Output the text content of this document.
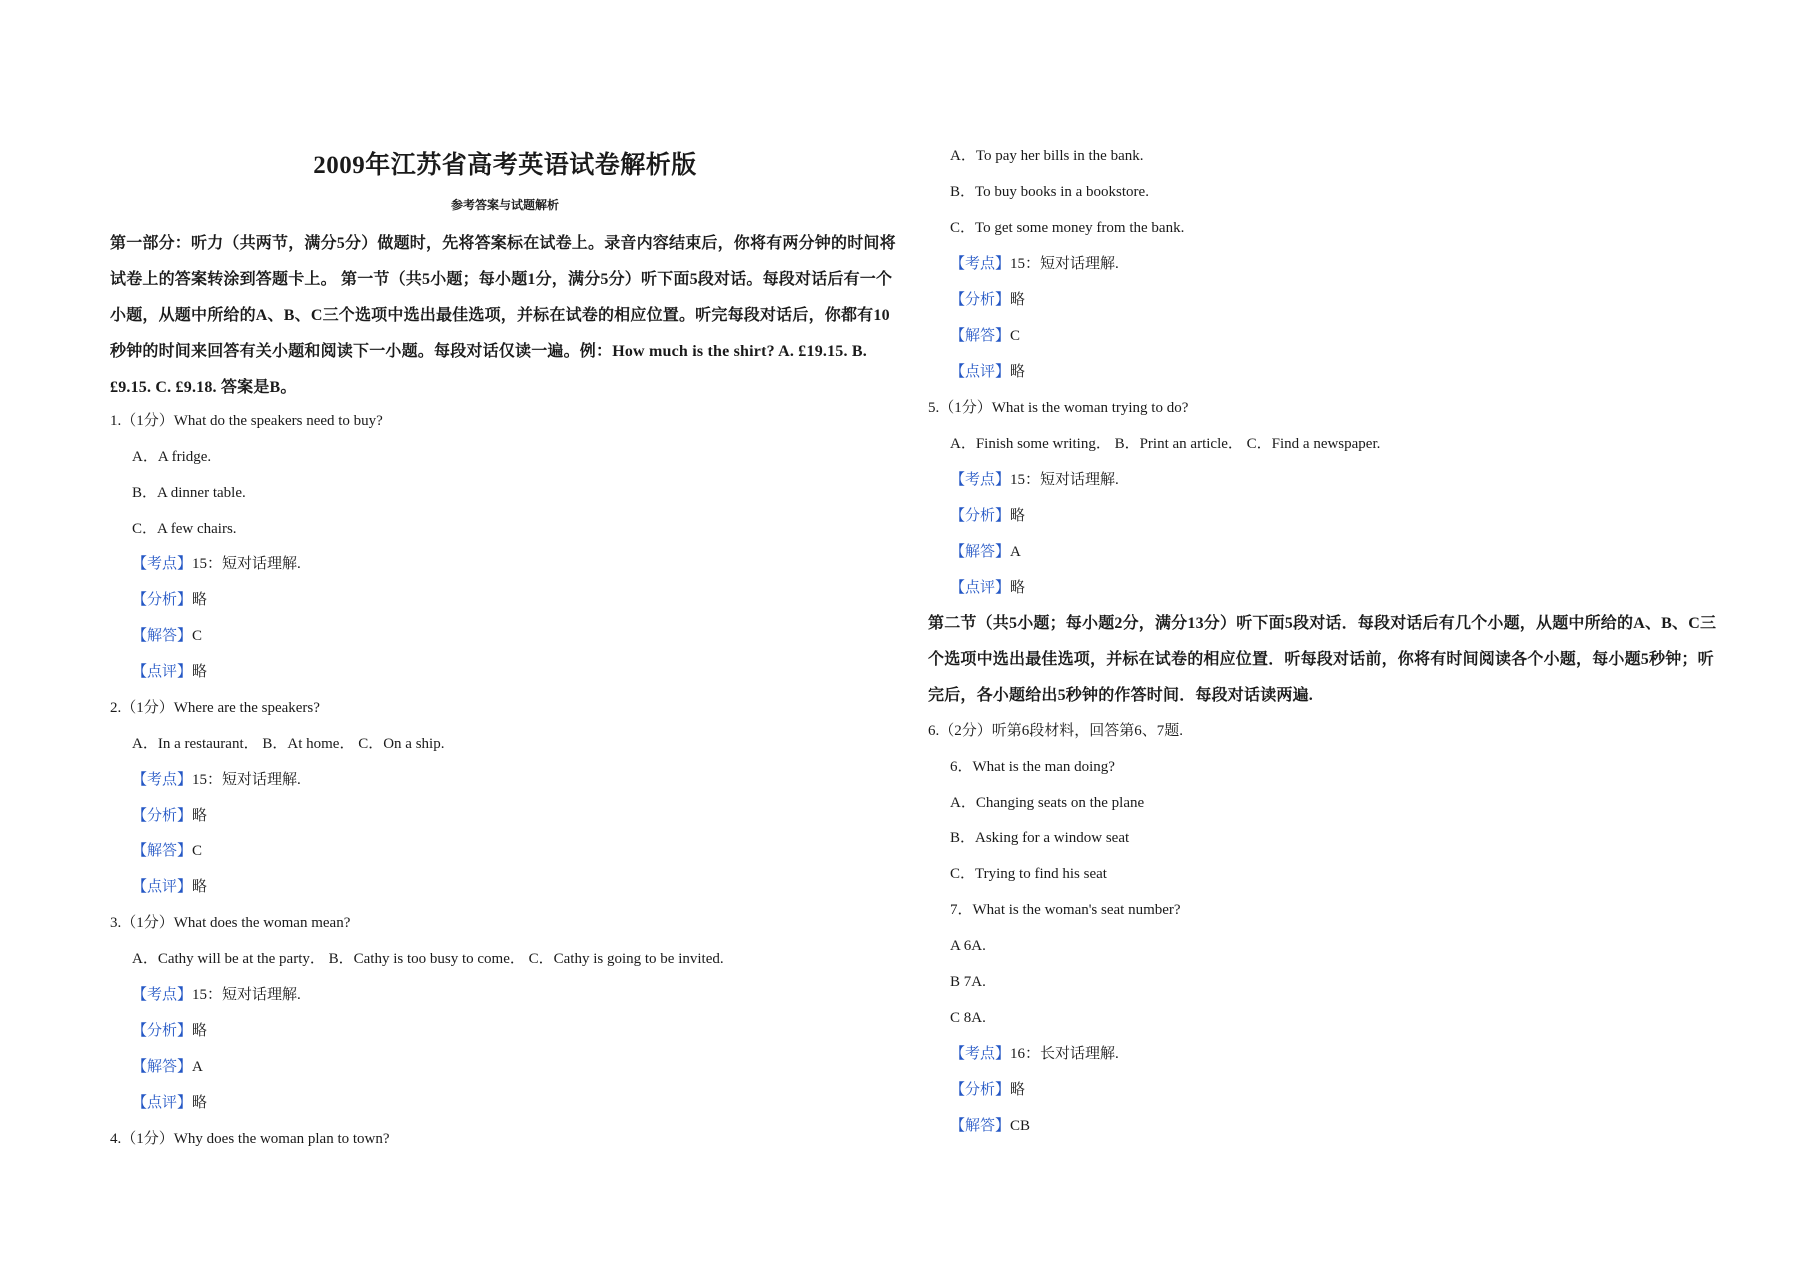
2009年江苏省高考英语试卷解析版
参考答案与试题解析
第一部分：听力（共两节，满分5分）做题时，先将答案标在试卷上。录音内容结束后，你将有两分钟的时间将试卷上的答案转涂到答题卡上。 第一节（共5小题；每小题1分，满分5分）听下面5段对话。每段对话后有一个小题，从题中所给的A、B、C三个选项中选出最佳选项，并标在试卷的相应位置。听完每段对话后，你都有10秒钟的时间来回答有关小题和阅读下一小题。每段对话仅读一遍。例：How much is the shirt? A. £19.15. B. £9.15. C. £9.18. 答案是B。
1.（1分）What do the speakers need to buy?
A．A fridge.
B．A dinner table.
C．A few chairs.
【考点】15：短对话理解.
【分析】略
【解答】C
【点评】略
2.（1分）Where are the speakers?
A．In a restaurant． B．At home． C．On a ship.
【考点】15：短对话理解.
【分析】略
【解答】C
【点评】略
3.（1分）What does the woman mean?
A．Cathy will be at the party． B．Cathy is too busy to come． C．Cathy is going to be invited.
【考点】15：短对话理解.
【分析】略
【解答】A
【点评】略
4.（1分）Why does the woman plan to town?
A．To pay her bills in the bank.
B．To buy books in a bookstore.
C．To get some money from the bank.
【考点】15：短对话理解.
【分析】略
【解答】C
【点评】略
5.（1分）What is the woman trying to do?
A．Finish some writing． B．Print an article． C．Find a newspaper.
【考点】15：短对话理解.
【分析】略
【解答】A
【点评】略
第二节（共5小题；每小题2分，满分13分）听下面5段对话．每段对话后有几个小题，从题中所给的A、B、C三个选项中选出最佳选项，并标在试卷的相应位置．听每段对话前，你将有时间阅读各个小题，每小题5秒钟；听完后，各小题给出5秒钟的作答时间．每段对话读两遍.
6.（2分）听第6段材料，回答第6、7题.
6．What is the man doing?
A．Changing seats on the plane
B．Asking for a window seat
C．Trying to find his seat
7．What is the woman's seat number?
A 6A.
B 7A.
C 8A.
【考点】16：长对话理解.
【分析】略
【解答】CB
